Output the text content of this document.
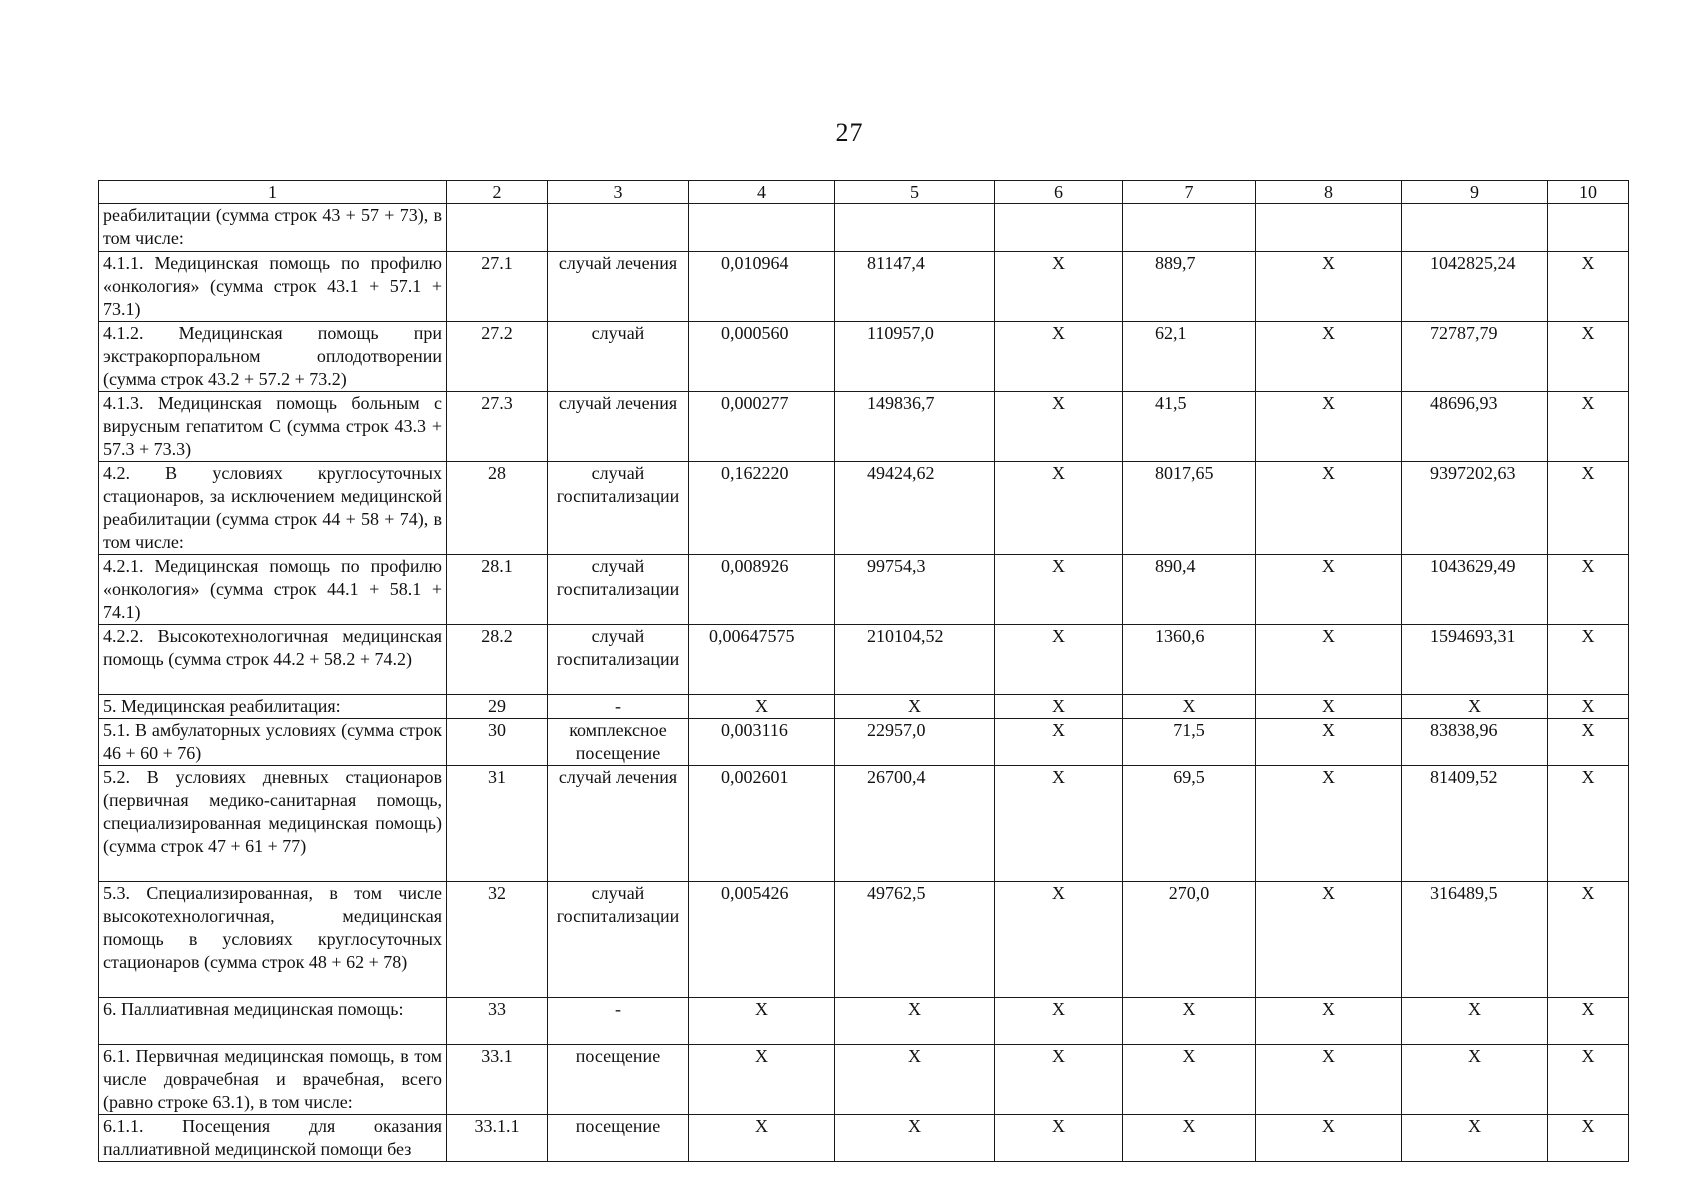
27
1	2	3	4	5	6	7	8	9	10
реабилитации (сумма строк 43 + 57 + 73), в том числе:									
4.1.1. Медицинская помощь по профилю «онкология» (сумма строк 43.1 + 57.1 + 73.1)	27.1	случай лечения	0,010964	81147,4	Х	889,7	Х	1042825,24	Х
4.1.2. Медицинская помощь при экстракорпоральном оплодотворении (сумма строк 43.2 + 57.2 + 73.2)	27.2	случай	0,000560	110957,0	Х	62,1	Х	72787,79	Х
4.1.3. Медицинская помощь больным с вирусным гепатитом С (сумма строк 43.3 + 57.3 + 73.3)	27.3	случай лечения	0,000277	149836,7	Х	41,5	Х	48696,93	Х
4.2. В условиях круглосуточных стационаров, за исключением медицинской реабилитации (сумма строк 44 + 58 + 74), в том числе:	28	случай госпитализации	0,162220	49424,62	Х	8017,65	Х	9397202,63	Х
4.2.1. Медицинская помощь по профилю «онкология» (сумма строк 44.1 + 58.1 + 74.1)	28.1	случай госпитализации	0,008926	99754,3	Х	890,4	Х	1043629,49	Х
4.2.2. Высокотехнологичная медицинская помощь (сумма строк 44.2 + 58.2 + 74.2)	28.2	случай госпитализации	0,00647575	210104,52	Х	1360,6	Х	1594693,31	Х
5. Медицинская реабилитация:	29	-	Х	Х	Х	Х	Х	Х	Х
5.1. В амбулаторных условиях (сумма строк 46 + 60 + 76)	30	комплексное посещение	0,003116	22957,0	Х	71,5	Х	83838,96	Х
5.2. В условиях дневных стационаров (первичная медико-санитарная помощь, специализированная медицинская помощь) (сумма строк 47 + 61 + 77)	31	случай лечения	0,002601	26700,4	Х	69,5	Х	81409,52	Х
5.3. Специализированная, в том числе высокотехнологичная, медицинская помощь в условиях круглосуточных стационаров (сумма строк 48 + 62 + 78)	32	случай госпитализации	0,005426	49762,5	Х	270,0	Х	316489,5	Х
6. Паллиативная медицинская помощь:	33	-	Х	Х	Х	Х	Х	Х	Х
6.1. Первичная медицинская помощь, в том числе доврачебная и врачебная, всего (равно строке 63.1), в том числе:	33.1	посещение	Х	Х	Х	Х	Х	Х	Х
6.1.1. Посещения для оказания паллиативной медицинской помощи без	33.1.1	посещение	Х	Х	Х	Х	Х	Х	Х
